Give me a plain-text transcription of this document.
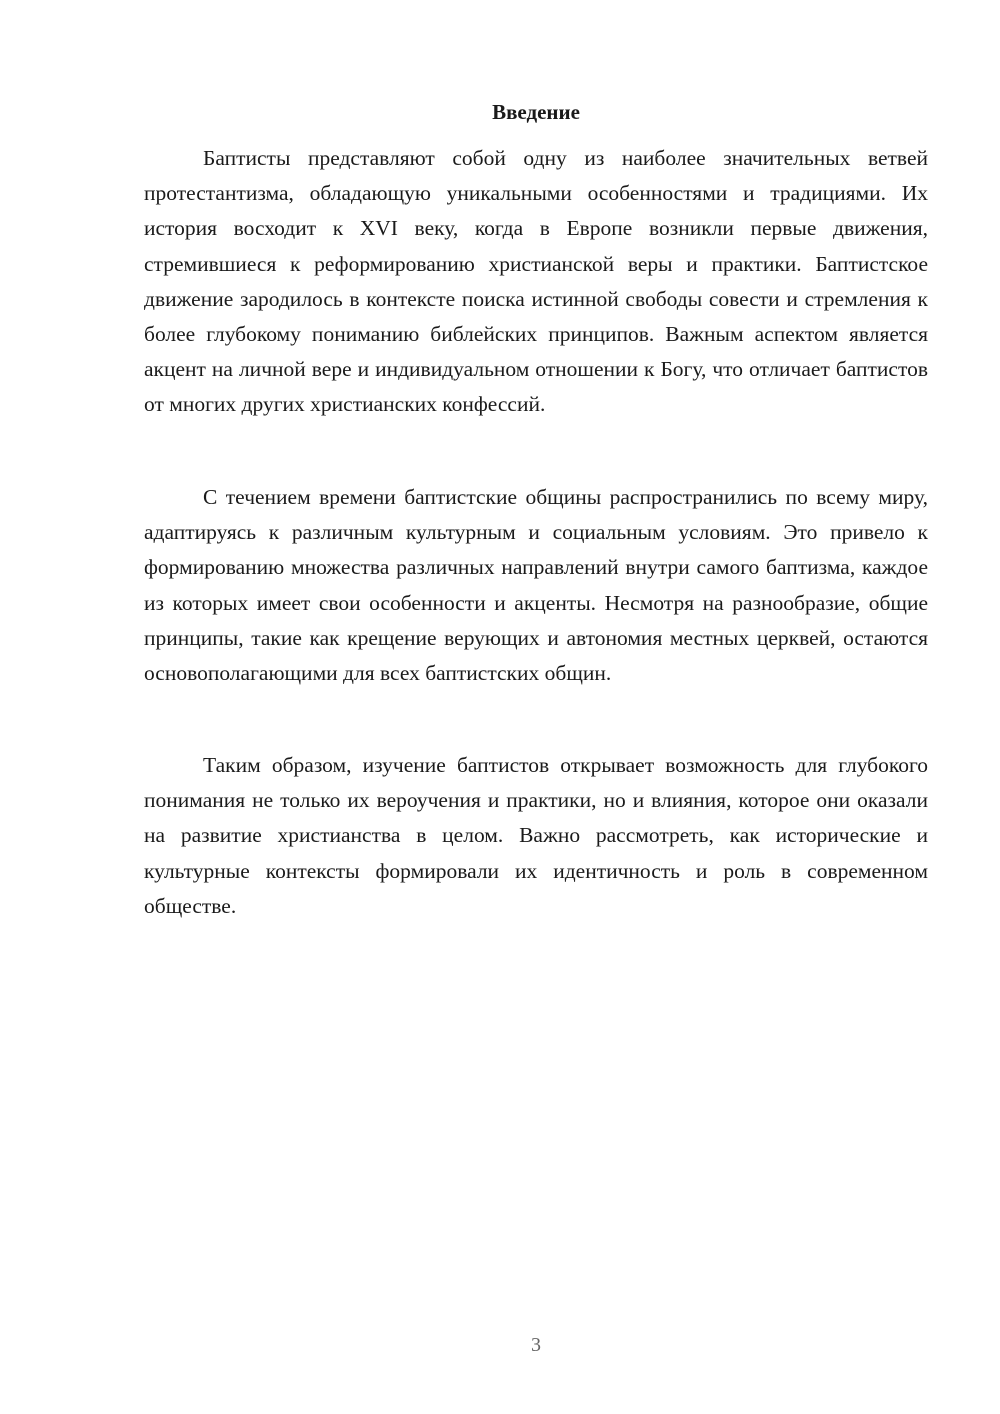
Введение

Баптисты представляют собой одну из наиболее значительных ветвей протестантизма, обладающую уникальными особенностями и традициями. Их история восходит к XVI веку, когда в Европе возникли первые движения, стремившиеся к реформированию христианской веры и практики. Баптистское движение зародилось в контексте поиска истинной свободы совести и стремления к более глубокому пониманию библейских принципов. Важным аспектом является акцент на личной вере и индивидуальном отношении к Богу, что отличает баптистов от многих других христианских конфессий.

С течением времени баптистские общины распространились по всему миру, адаптируясь к различным культурным и социальным условиям. Это привело к формированию множества различных направлений внутри самого баптизма, каждое из которых имеет свои особенности и акценты. Несмотря на разнообразие, общие принципы, такие как крещение верующих и автономия местных церквей, остаются основополагающими для всех баптистских общин.

Таким образом, изучение баптистов открывает возможность для глубокого понимания не только их вероучения и практики, но и влияния, которое они оказали на развитие христианства в целом. Важно рассмотреть, как исторические и культурные контексты формировали их идентичность и роль в современном обществе.

3
